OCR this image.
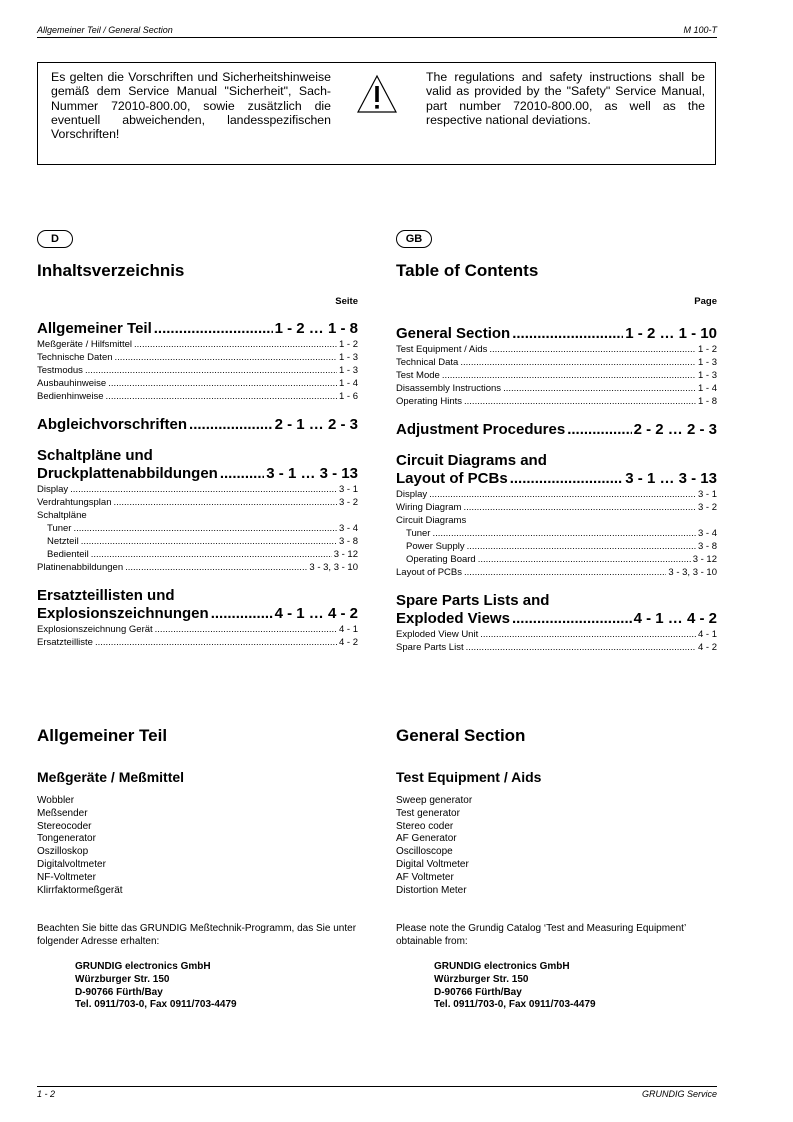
Allgemeiner Teil / General Section	M 100-T
Es gelten die Vorschriften und Sicherheitshinweise gemäß dem Service Manual "Sicherheit", Sach-Nummer 72010-800.00, sowie zusätzlich die eventuell abweichenden, landesspezifischen Vorschriften!
The regulations and safety instructions shall be valid as provided by the "Safety" Service Manual, part number 72010-800.00, as well as the respective national deviations.
D	GB
Inhaltsverzeichnis	Table of Contents
Seite
Allgemeiner Teil .....	1 - 2 … 1 - 8
Meßgeräte / Hilfsmittel .....	1 - 2
Technische Daten .....	1 - 3
Testmodus .....	1 - 3
Ausbauhinweise .....	1 - 4
Bedienhinweise .....	1 - 6
Abgleichvorschriften .....	2 - 1 … 2 - 3
Schaltpläne und
Druckplattenabbildungen .....	3 - 1 … 3 - 13
Display .....	3 - 1
Verdrahtungsplan .....	3 - 2
Schaltpläne
Tuner .....	3 - 4
Netzteil .....	3 - 8
Bedienteil .....	3 - 12
Platinenabbildungen .....	3 - 3, 3 - 10
Ersatzteillisten und
Explosionszeichnungen .....	4 - 1 … 4 - 2
Explosionszeichnung Gerät .....	4 - 1
Ersatzteilliste .....	4 - 2
Page
General Section .....	1 - 2 … 1 - 10
Test Equipment / Aids .....	1 - 2
Technical Data .....	1 - 3
Test Mode .....	1 - 3
Disassembly Instructions .....	1 - 4
Operating Hints .....	1 - 8
Adjustment Procedures .....	2 - 2 … 2 - 3
Circuit Diagrams and
Layout of PCBs .....	3 - 1 … 3 - 13
Display .....	3 - 1
Wiring Diagram .....	3 - 2
Circuit Diagrams
Tuner .....	3 - 4
Power Supply .....	3 - 8
Operating Board .....	3 - 12
Layout of PCBs .....	3 - 3, 3 - 10
Spare Parts Lists and
Exploded Views .....	4 - 1 … 4 - 2
Exploded View Unit .....	4 - 1
Spare Parts List .....	4 - 2
Allgemeiner Teil	General Section
Meßgeräte / Meßmittel	Test Equipment / Aids
Wobbler
Meßsender
Stereocoder
Tongenerator
Oszilloskop
Digitalvoltmeter
NF-Voltmeter
Klirrfaktormeßgerät
Sweep generator
Test generator
Stereo coder
AF Generator
Oscilloscope
Digital Voltmeter
AF Voltmeter
Distortion Meter
Beachten Sie bitte das GRUNDIG Meßtechnik-Programm, das Sie unter folgender Adresse erhalten:
Please note the Grundig Catalog ‘Test and Measuring Equipment’ obtainable from:
GRUNDIG electronics GmbH
Würzburger Str. 150
D-90766 Fürth/Bay
Tel. 0911/703-0, Fax 0911/703-4479
GRUNDIG electronics GmbH
Würzburger Str. 150
D-90766 Fürth/Bay
Tel. 0911/703-0, Fax 0911/703-4479
1 - 2	GRUNDIG Service
